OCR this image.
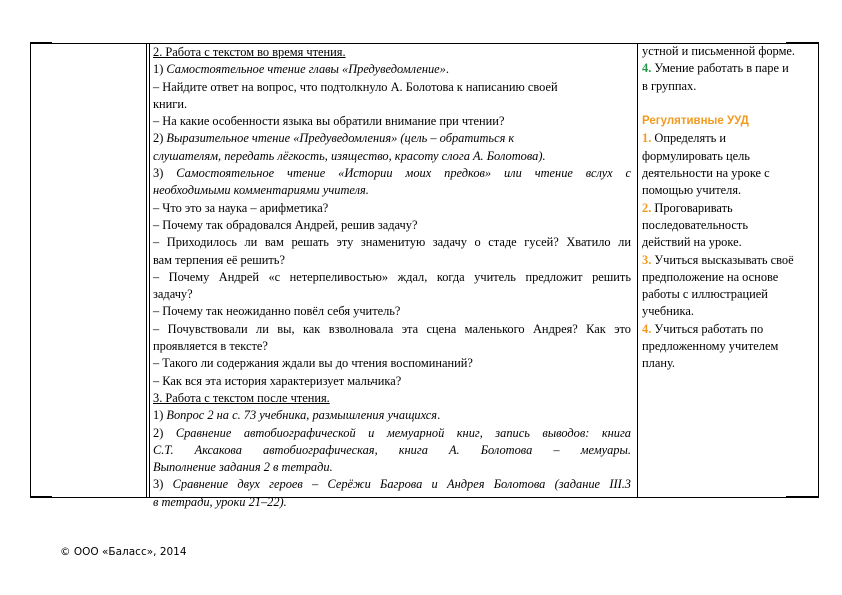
2. Работа с текстом во время чтения.
1) Самостоятельное чтение главы «Предуведомление».
– Найдите ответ на вопрос, что подтолкнуло А. Болотова к написанию своей
книги.
– На какие особенности языка вы обратили внимание при чтении?
2) Выразительное чтение «Предуведомления» (цель – обратиться к
слушателям, передать лёгкость, изящество, красоту слога А. Болотова).
3) Самостоятельное чтение «Истории моих предков» или чтение вслух с
необходимыми комментариями учителя.
– Что это за наука – арифметика?
– Почему так обрадовался Андрей, решив задачу?
– Приходилось ли вам решать эту знаменитую задачу о стаде гусей? Хватило ли
вам терпения её решить?
– Почему Андрей «с нетерпеливостью» ждал, когда учитель предложит решить
задачу?
– Почему так неожиданно повёл себя учитель?
– Почувствовали ли вы, как взволновала эта сцена маленького Андрея? Как это
проявляется в тексте?
– Такого ли содержания ждали вы до чтения воспоминаний?
– Как вся эта история характеризует мальчика?
3. Работа с текстом после чтения.
1) Вопрос 2 на с. 73 учебника, размышления учащихся.
2) Сравнение автобиографической и мемуарной книг, запись выводов: книга
С.Т. Аксакова автобиографическая, книга А. Болотова – мемуары.
Выполнение задания 2 в тетради.
3) Сравнение двух героев – Серёжи Багрова и Андрея Болотова (задание III.3
в тетради, уроки 21–22).
устной и письменной форме.
4. Умение работать в паре и
в группах.

Регулятивные УУД
1. Определять и
формулировать цель
деятельности на уроке с
помощью учителя.
2. Проговаривать
последовательность
действий на уроке.
3. Учиться высказывать своё
предположение на основе
работы с иллюстрацией
учебника.
4. Учиться работать по
предложенному учителем
плану.
© ООО «Баласс», 2014
